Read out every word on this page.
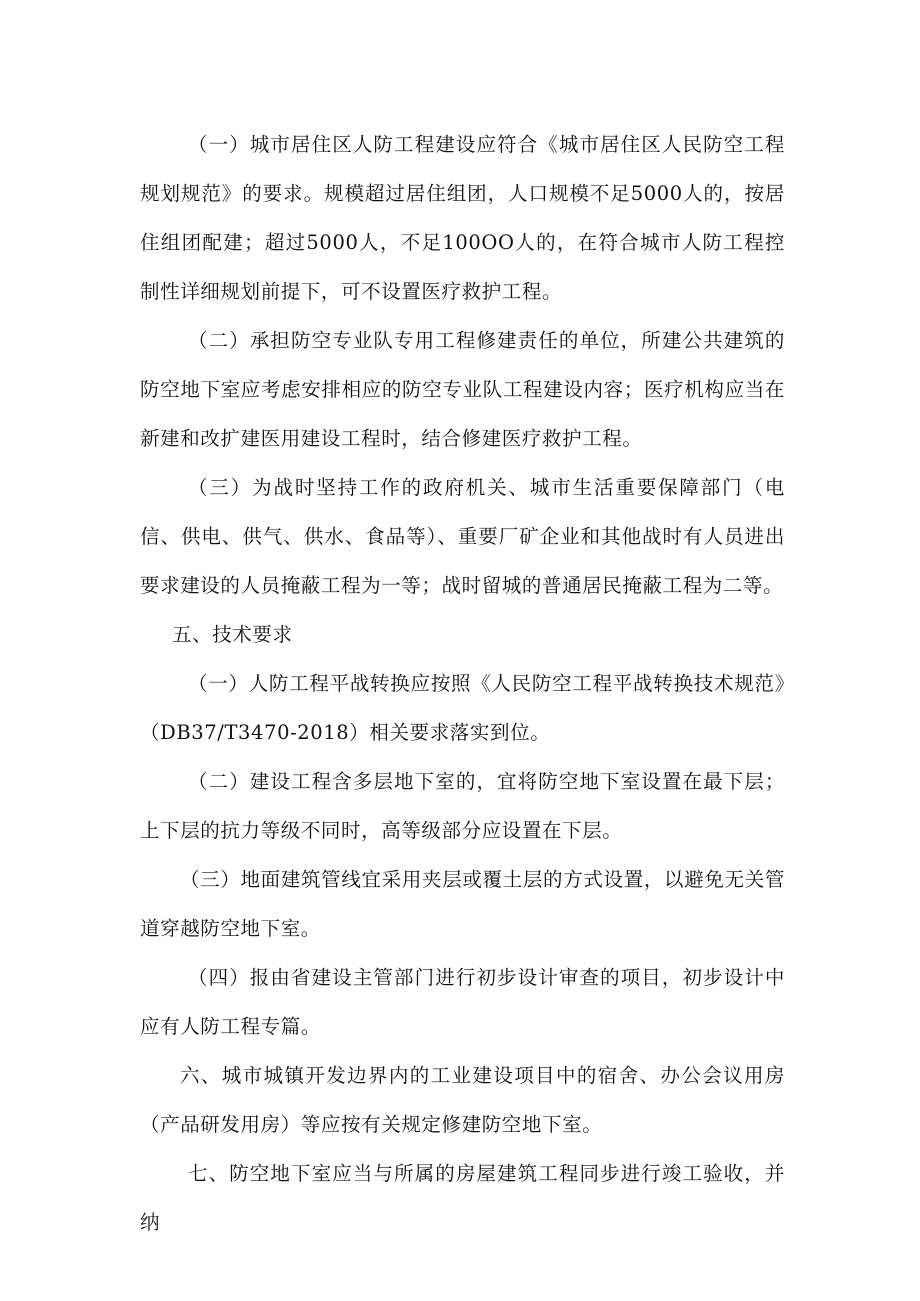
（一）城市居住区人防工程建设应符合《城市居住区人民防空工程规划规范》的要求。规模超过居住组团，人口规模不足5000人的，按居住组团配建；超过5000人，不足100OO人的，在符合城市人防工程控制性详细规划前提下，可不设置医疗救护工程。

（二）承担防空专业队专用工程修建责任的单位，所建公共建筑的防空地下室应考虑安排相应的防空专业队工程建设内容；医疗机构应当在新建和改扩建医用建设工程时，结合修建医疗救护工程。

（三）为战时坚持工作的政府机关、城市生活重要保障部门（电信、供电、供气、供水、食品等）、重要厂矿企业和其他战时有人员进出要求建设的人员掩蔽工程为一等；战时留城的普通居民掩蔽工程为二等。

五、技术要求

（一）人防工程平战转换应按照《人民防空工程平战转换技术规范》（DB37/T3470-2018）相关要求落实到位。

（二）建设工程含多层地下室的，宜将防空地下室设置在最下层；上下层的抗力等级不同时，高等级部分应设置在下层。

（三）地面建筑管线宜采用夹层或覆土层的方式设置，以避免无关管道穿越防空地下室。

（四）报由省建设主管部门进行初步设计审查的项目，初步设计中应有人防工程专篇。

六、城市城镇开发边界内的工业建设项目中的宿舍、办公会议用房（产品研发用房）等应按有关规定修建防空地下室。

七、防空地下室应当与所属的房屋建筑工程同步进行竣工验收，并纳
